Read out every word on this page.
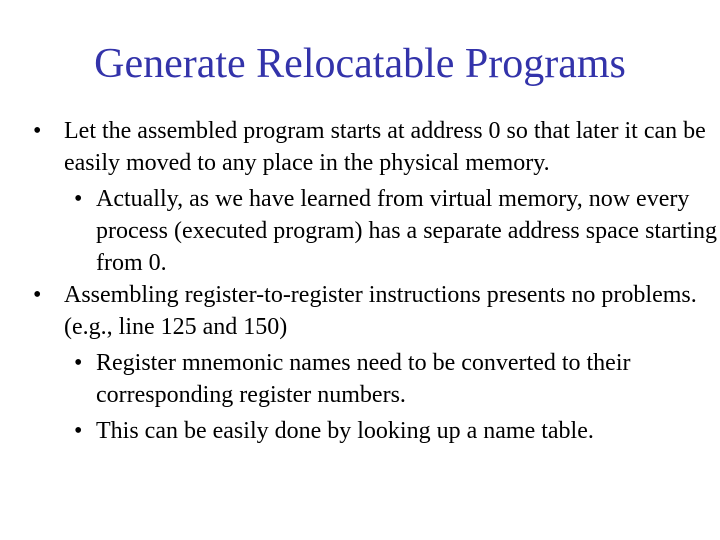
Generate Relocatable Programs

• Let the assembled program starts at address 0 so that later it can be easily moved to any place in the physical memory.

• Actually, as we have learned from virtual memory, now every process (executed program) has a separate address space starting from 0.

• Assembling register-to-register instructions presents no problems. (e.g., line 125 and 150)

• Register mnemonic names need to be converted to their corresponding register numbers.

• This can be easily done by looking up a name table.
